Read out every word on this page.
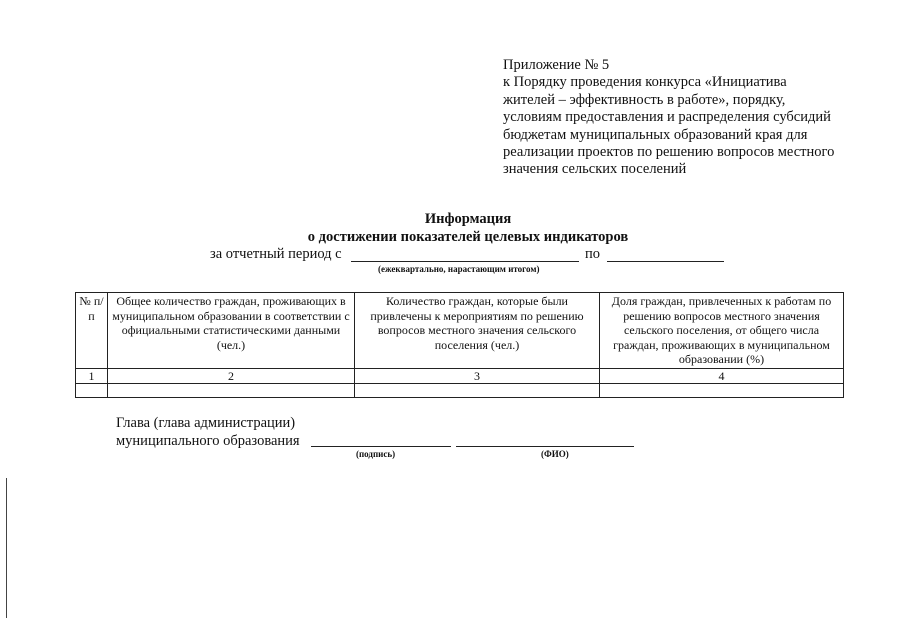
Приложение № 5
к Порядку проведения конкурса «Инициатива
жителей – эффективность в работе», порядку,
условиям предоставления и распределения субсидий
бюджетам муниципальных образований края для
реализации проектов по решению вопросов местного
значения сельских поселений
Информация
о достижении показателей целевых индикаторов
за отчетный период с	по
(ежеквартально, нарастающим итогом)
№ п/п	Общее количество граждан, проживающих в муниципальном образовании в соответствии с официальными статистическими данными (чел.)	Количество граждан, которые были привлечены к мероприятиям по решению вопросов местного значения сельского поселения (чел.)	Доля граждан, привлеченных к работам по решению вопросов местного значения сельского поселения, от общего числа граждан, проживающих в муниципальном образовании (%)
1	2	3	4

Глава (глава администрации)
муниципального образования
(подпись)	(ФИО)
